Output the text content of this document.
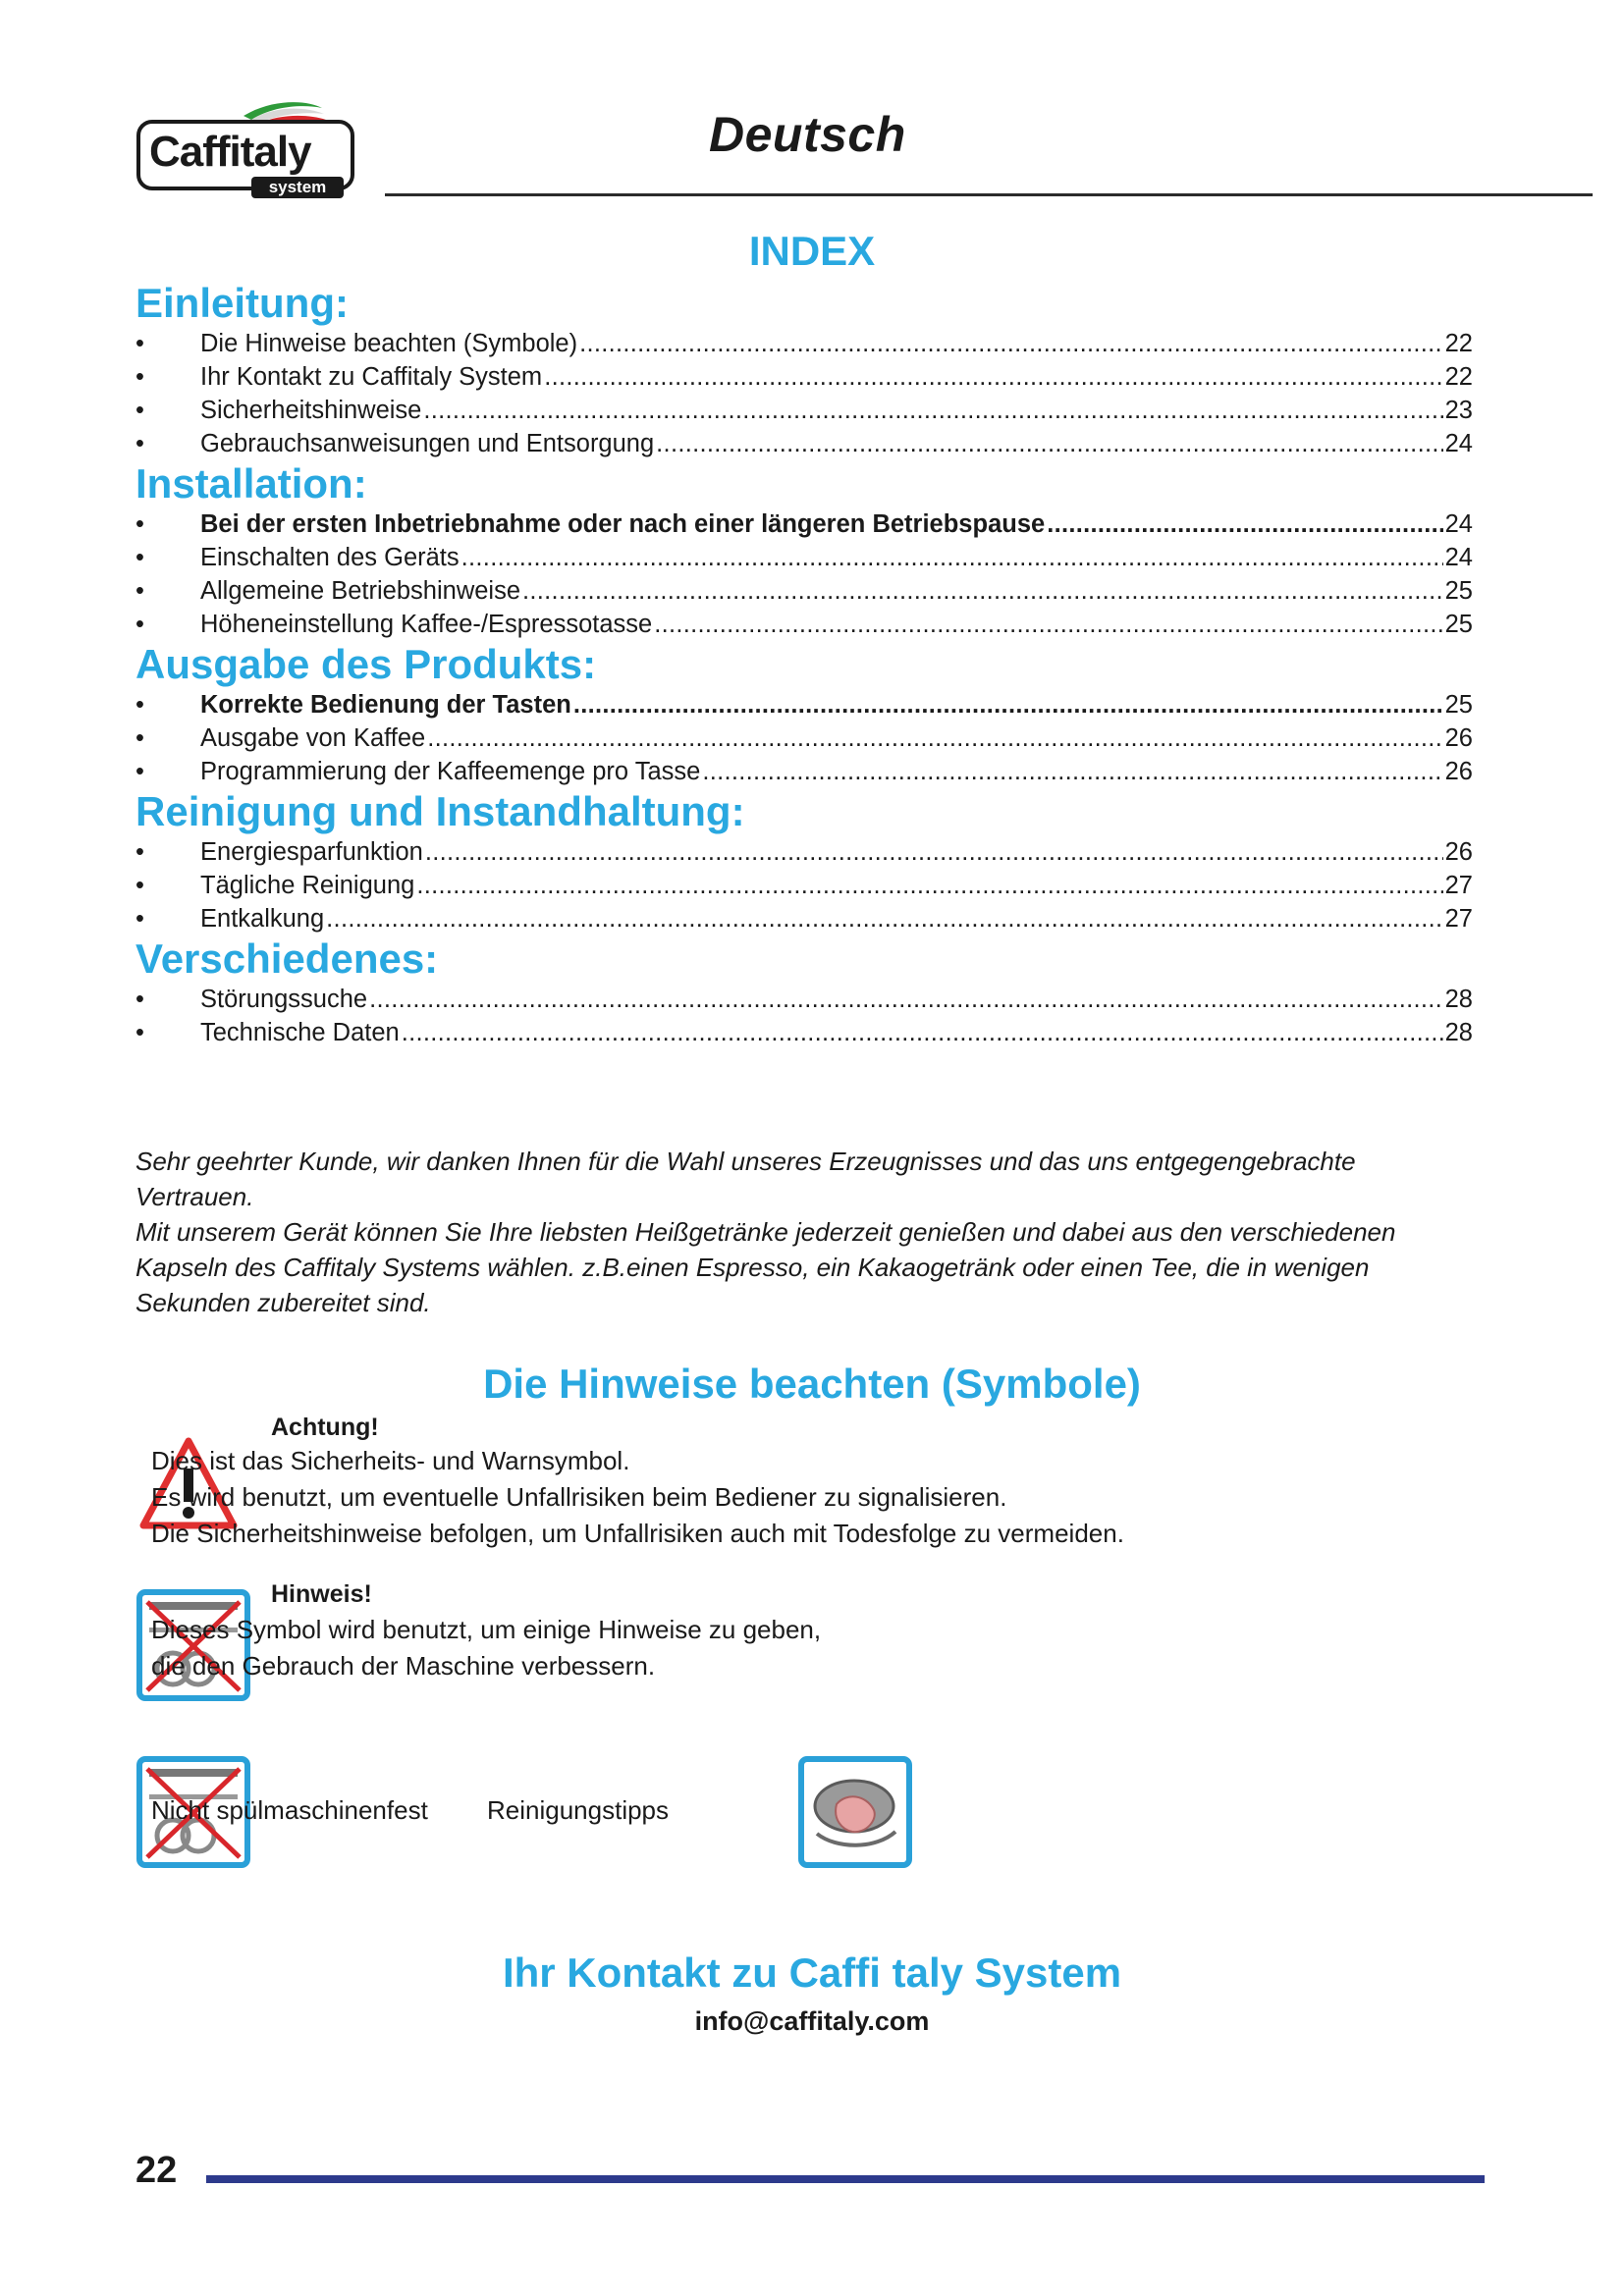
Caffitaly
system
Deutsch
INDEX
Einleitung:
•	Die Hinweise beachten (Symbole) .....	22
•	Ihr Kontakt zu Caffitaly System .....	22
•	Sicherheitshinweise .....	23
•	Gebrauchsanweisungen und Entsorgung .....	24
Installation:
•	Bei der ersten Inbetriebnahme oder nach einer längeren Betriebspause .....	24
•	Einschalten des Geräts .....	24
•	Allgemeine Betriebshinweise .....	25
•	Höheneinstellung Kaffee-/Espressotasse .....	25
Ausgabe des Produkts:
•	Korrekte Bedienung der Tasten .....	25
•	Ausgabe von Kaffee .....	26
•	Programmierung der Kaffeemenge pro Tasse .....	26
Reinigung und Instandhaltung:
•	Energiesparfunktion .....	26
•	Tägliche Reinigung .....	27
•	Entkalkung .....	27
Verschiedenes:
•	Störungssuche .....	28
•	Technische Daten .....	28
Sehr geehrter Kunde, wir danken Ihnen für die Wahl unseres Erzeugnisses und das uns entgegengebrachte Vertrauen.
Mit unserem Gerät können Sie Ihre liebsten Heißgetränke jederzeit genießen und dabei aus den verschiedenen Kapseln des Caffitaly Systems wählen. z.B.einen Espresso, ein Kakaogetränk oder einen Tee, die in wenigen Sekunden zubereitet sind.
Die Hinweise beachten (Symbole)
Achtung!
Dies ist das Sicherheits- und Warnsymbol.
Es wird benutzt, um eventuelle Unfallrisiken beim Bediener zu signalisieren.
Die Sicherheitshinweise befolgen, um Unfallrisiken auch mit Todesfolge zu vermeiden.
Hinweis!
Dieses Symbol wird benutzt, um einige Hinweise zu geben,
die den Gebrauch der Maschine verbessern.
Nicht spülmaschinenfest Reinigungstipps
Ihr Kontakt zu Caffi taly System
info@caffitaly.com
22
